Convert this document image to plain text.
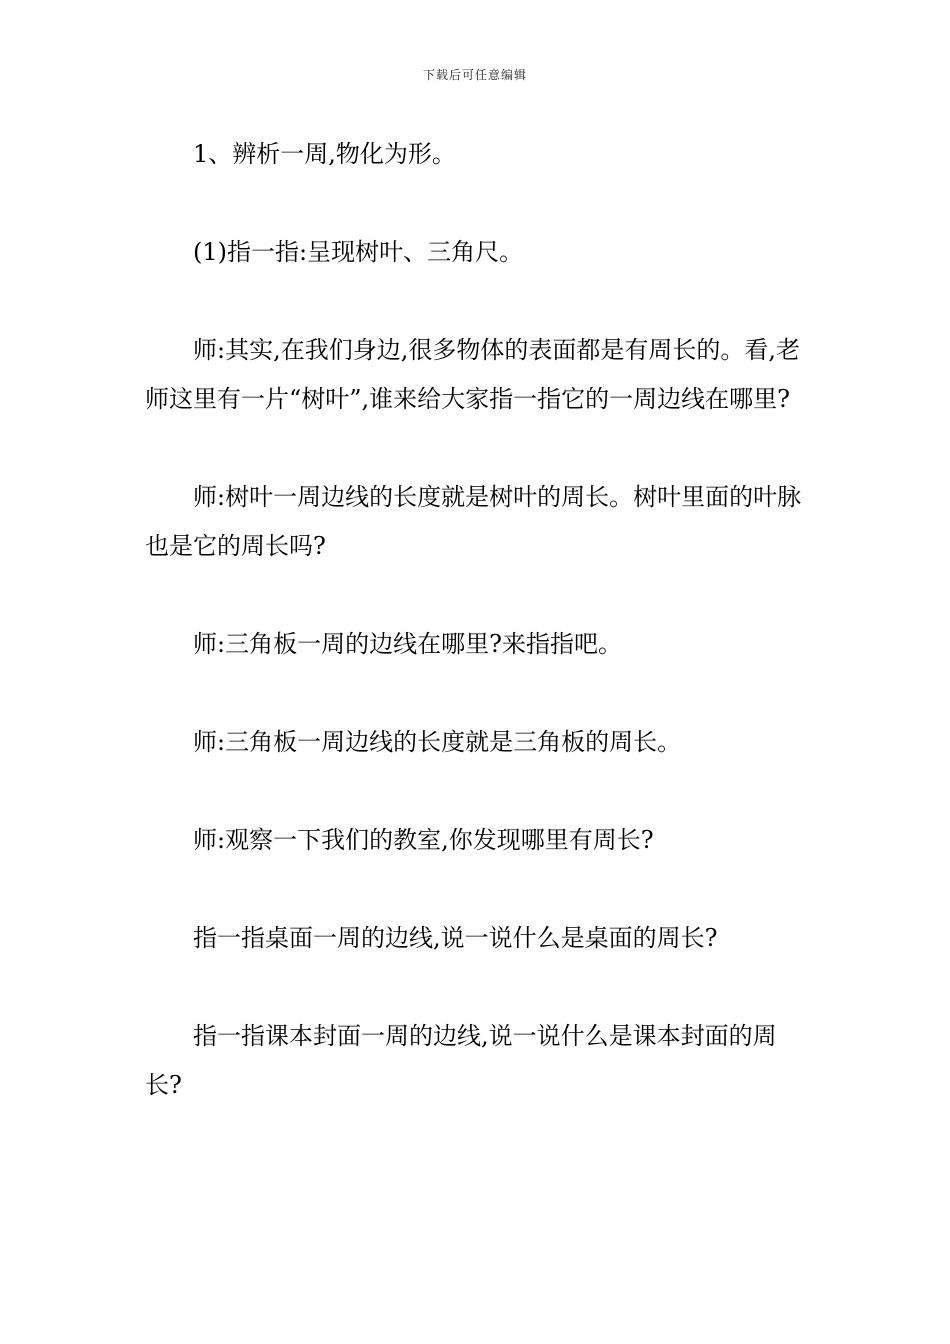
下载后可任意编辑

1、辨析一周,物化为形。

(1)指一指:呈现树叶、三角尺。

师:其实,在我们身边,很多物体的表面都是有周长的。看,老师这里有一片“树叶”,谁来给大家指一指它的一周边线在哪里?

师:树叶一周边线的长度就是树叶的周长。树叶里面的叶脉也是它的周长吗?

师:三角板一周的边线在哪里?来指指吧。

师:三角板一周边线的长度就是三角板的周长。

师:观察一下我们的教室,你发现哪里有周长?

指一指桌面一周的边线,说一说什么是桌面的周长?

指一指课本封面一周的边线,说一说什么是课本封面的周长?
